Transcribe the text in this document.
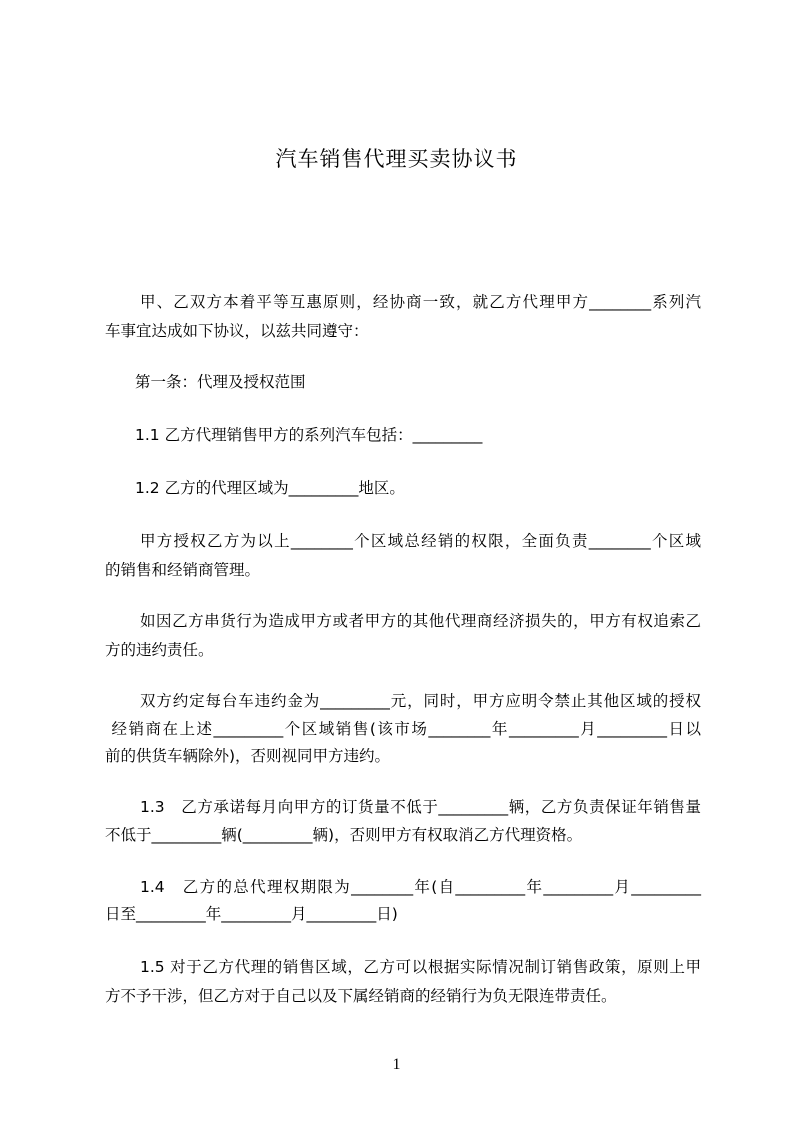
汽车销售代理买卖协议书
甲、乙双方本着平等互惠原则，经协商一致，就乙方代理甲方________系列汽
车事宜达成如下协议，以兹共同遵守：
第一条：代理及授权范围
1.1 乙方代理销售甲方的系列汽车包括：_________
1.2 乙方的代理区域为_________地区。
甲方授权乙方为以上________个区域总经销的权限，全面负责________个区域
的销售和经销商管理。
如因乙方串货行为造成甲方或者甲方的其他代理商经济损失的，甲方有权追索乙
方的违约责任。
双方约定每台车违约金为_________元，同时，甲方应明令禁止其他区域的授权
经销商在上述_________个区域销售(该市场________年_________月_________日以
前的供货车辆除外)，否则视同甲方违约。
1.3　乙方承诺每月向甲方的订货量不低于_________辆，乙方负责保证年销售量
不低于_________辆(_________辆)，否则甲方有权取消乙方代理资格。
1.4　乙方的总代理权期限为________年(自_________年_________月_________
日至_________年_________月_________日)
1.5 对于乙方代理的销售区域，乙方可以根据实际情况制订销售政策，原则上甲
方不予干涉，但乙方对于自己以及下属经销商的经销行为负无限连带责任。
1
